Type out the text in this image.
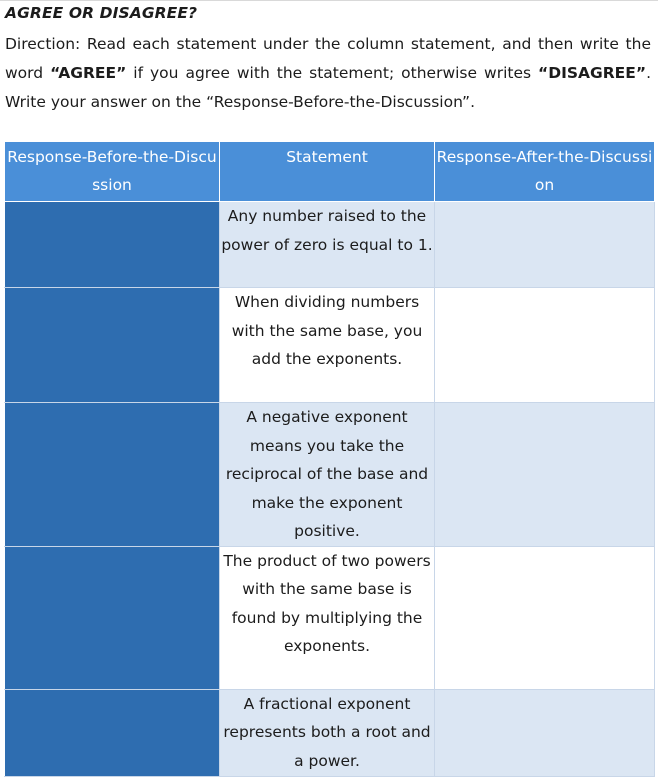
AGREE OR DISAGREE?
Direction: Read each statement under the column statement, and then write the word “AGREE” if you agree with the statement; otherwise writes “DISAGREE”. Write your answer on the “Response-Before-the-Discussion”.
Response-Before-the-Discussion	Statement	Response-After-the-Discussion
	Any number raised to the power of zero is equal to 1.	
	When dividing numbers with the same base, you add the exponents.	
	A negative exponent means you take the reciprocal of the base and make the exponent positive.	
	The product of two powers with the same base is found by multiplying the exponents.	
	A fractional exponent represents both a root and a power.	
